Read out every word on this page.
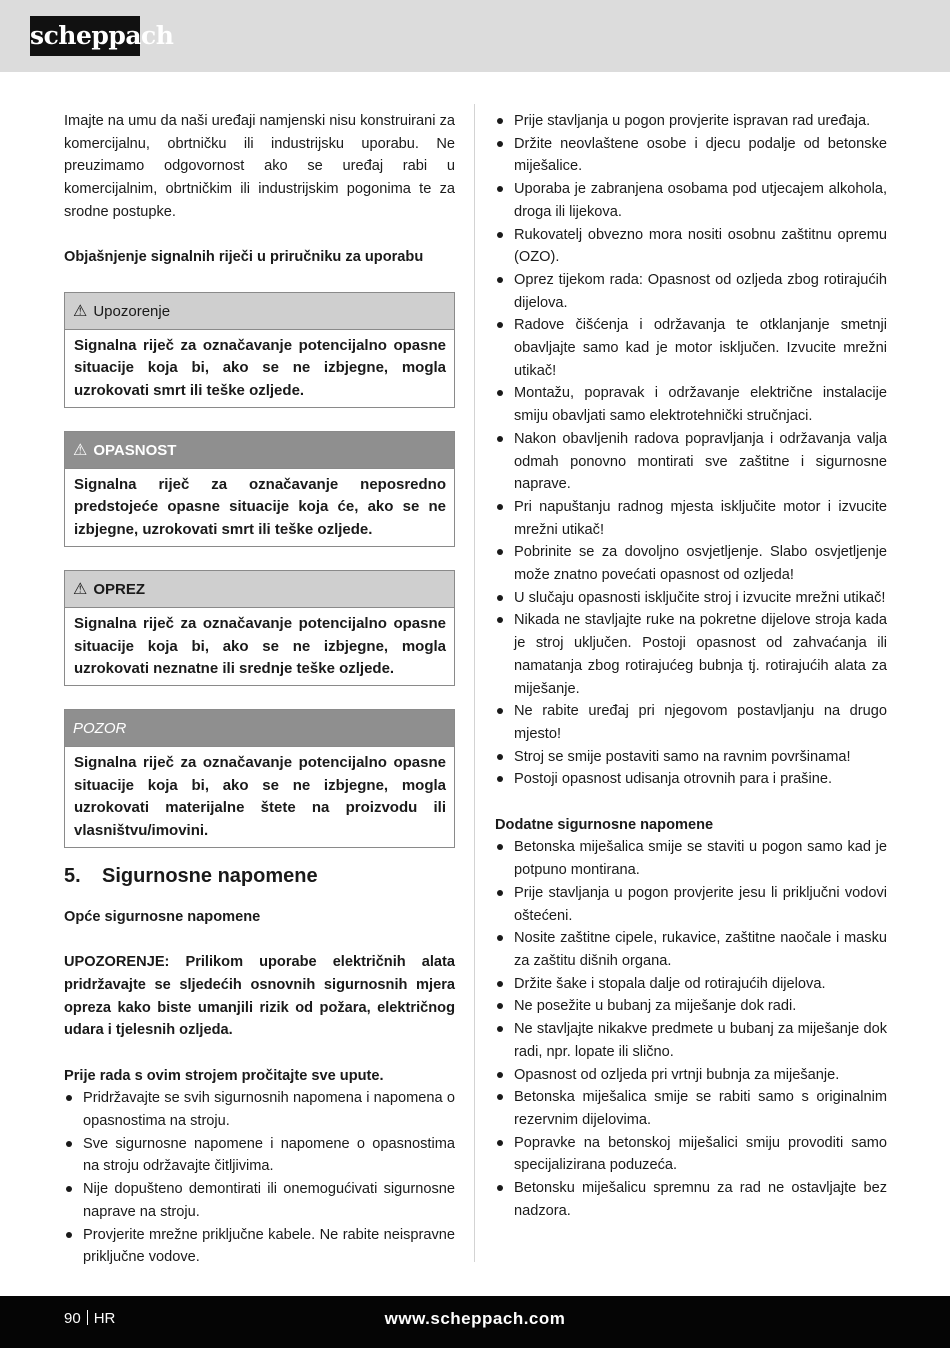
scheppach

Imajte na umu da naši uređaji namjenski nisu konstruirani za komercijalnu, obrtničku ili industrijsku uporabu. Ne preuzimamo odgovornost ako se uređaj rabi u komercijalnim, obrtničkim ili industrijskim pogonima te za srodne postupke.

Objašnjenje signalnih riječi u priručniku za uporabu

⚠ Upozorenje
Signalna riječ za označavanje potencijalno opasne situacije koja bi, ako se ne izbjegne, mogla uzrokovati smrt ili teške ozljede.
⚠ OPASNOST
Signalna riječ za označavanje neposredno predstojeće opasne situacije koja će, ako se ne izbjegne, uzrokovati smrt ili teške ozljede.
⚠ OPREZ
Signalna riječ za označavanje potencijalno opasne situacije koja bi, ako se ne izbjegne, mogla uzrokovati neznatne ili srednje teške ozljede.
POZOR
Signalna riječ za označavanje potencijalno opasne situacije koja bi, ako se ne izbjegne, mogla uzrokovati materijalne štete na proizvodu ili vlasništvu/imovini.
5. Sigurnosne napomene

Opće sigurnosne napomene

UPOZORENJE: Prilikom uporabe električnih alata pridržavajte se sljedećih osnovnih sigurnosnih mjera opreza kako biste umanjili rizik od požara, električnog udara i tjelesnih ozljeda.

Prije rada s ovim strojem pročitajte sve upute.

Pridržavajte se svih sigurnosnih napomena i napomena o opasnostima na stroju.
Sve sigurnosne napomene i napomene o opasnostima na stroju održavajte čitljivima.
Nije dopušteno demontirati ili onemogućivati sigurnosne naprave na stroju.
Provjerite mrežne priključne kabele. Ne rabite neispravne priključne vodove.
Prije stavljanja u pogon provjerite ispravan rad uređaja.
Držite neovlaštene osobe i djecu podalje od betonske miješalice.
Uporaba je zabranjena osobama pod utjecajem alkohola, droga ili lijekova.
Rukovatelj obvezno mora nositi osobnu zaštitnu opremu (OZO).
Oprez tijekom rada: Opasnost od ozljeda zbog rotirajućih dijelova.
Radove čišćenja i održavanja te otklanjanje smetnji obavljajte samo kad je motor isključen. Izvucite mrežni utikač!
Montažu, popravak i održavanje električne instalacije smiju obavljati samo elektrotehnički stručnjaci.
Nakon obavljenih radova popravljanja i održavanja valja odmah ponovno montirati sve zaštitne i sigurnosne naprave.
Pri napuštanju radnog mjesta isključite motor i izvucite mrežni utikač!
Pobrinite se za dovoljno osvjetljenje. Slabo osvjetljenje može znatno povećati opasnost od ozljeda!
U slučaju opasnosti isključite stroj i izvucite mrežni utikač!
Nikada ne stavljajte ruke na pokretne dijelove stroja kada je stroj uključen. Postoji opasnost od zahvaćanja ili namatanja zbog rotirajućeg bubnja tj. rotirajućih alata za miješanje.
Ne rabite uređaj pri njegovom postavljanju na drugo mjesto!
Stroj se smije postaviti samo na ravnim površinama!
Postoji opasnost udisanja otrovnih para i prašine.

Dodatne sigurnosne napomene

Betonska miješalica smije se staviti u pogon samo kad je potpuno montirana.
Prije stavljanja u pogon provjerite jesu li priključni vodovi oštećeni.
Nosite zaštitne cipele, rukavice, zaštitne naočale i masku za zaštitu dišnih organa.
Držite šake i stopala dalje od rotirajućih dijelova.
Ne posežite u bubanj za miješanje dok radi.
Ne stavljajte nikakve predmete u bubanj za miješanje dok radi, npr. lopate ili slično.
Opasnost od ozljeda pri vrtnji bubnja za miješanje.
Betonska miješalica smije se rabiti samo s originalnim rezervnim dijelovima.
Popravke na betonskoj miješalici smiju provoditi samo specijalizirana poduzeća.
Betonsku miješalicu spremnu za rad ne ostavljajte bez nadzora.
90 HR	www.scheppach.com
